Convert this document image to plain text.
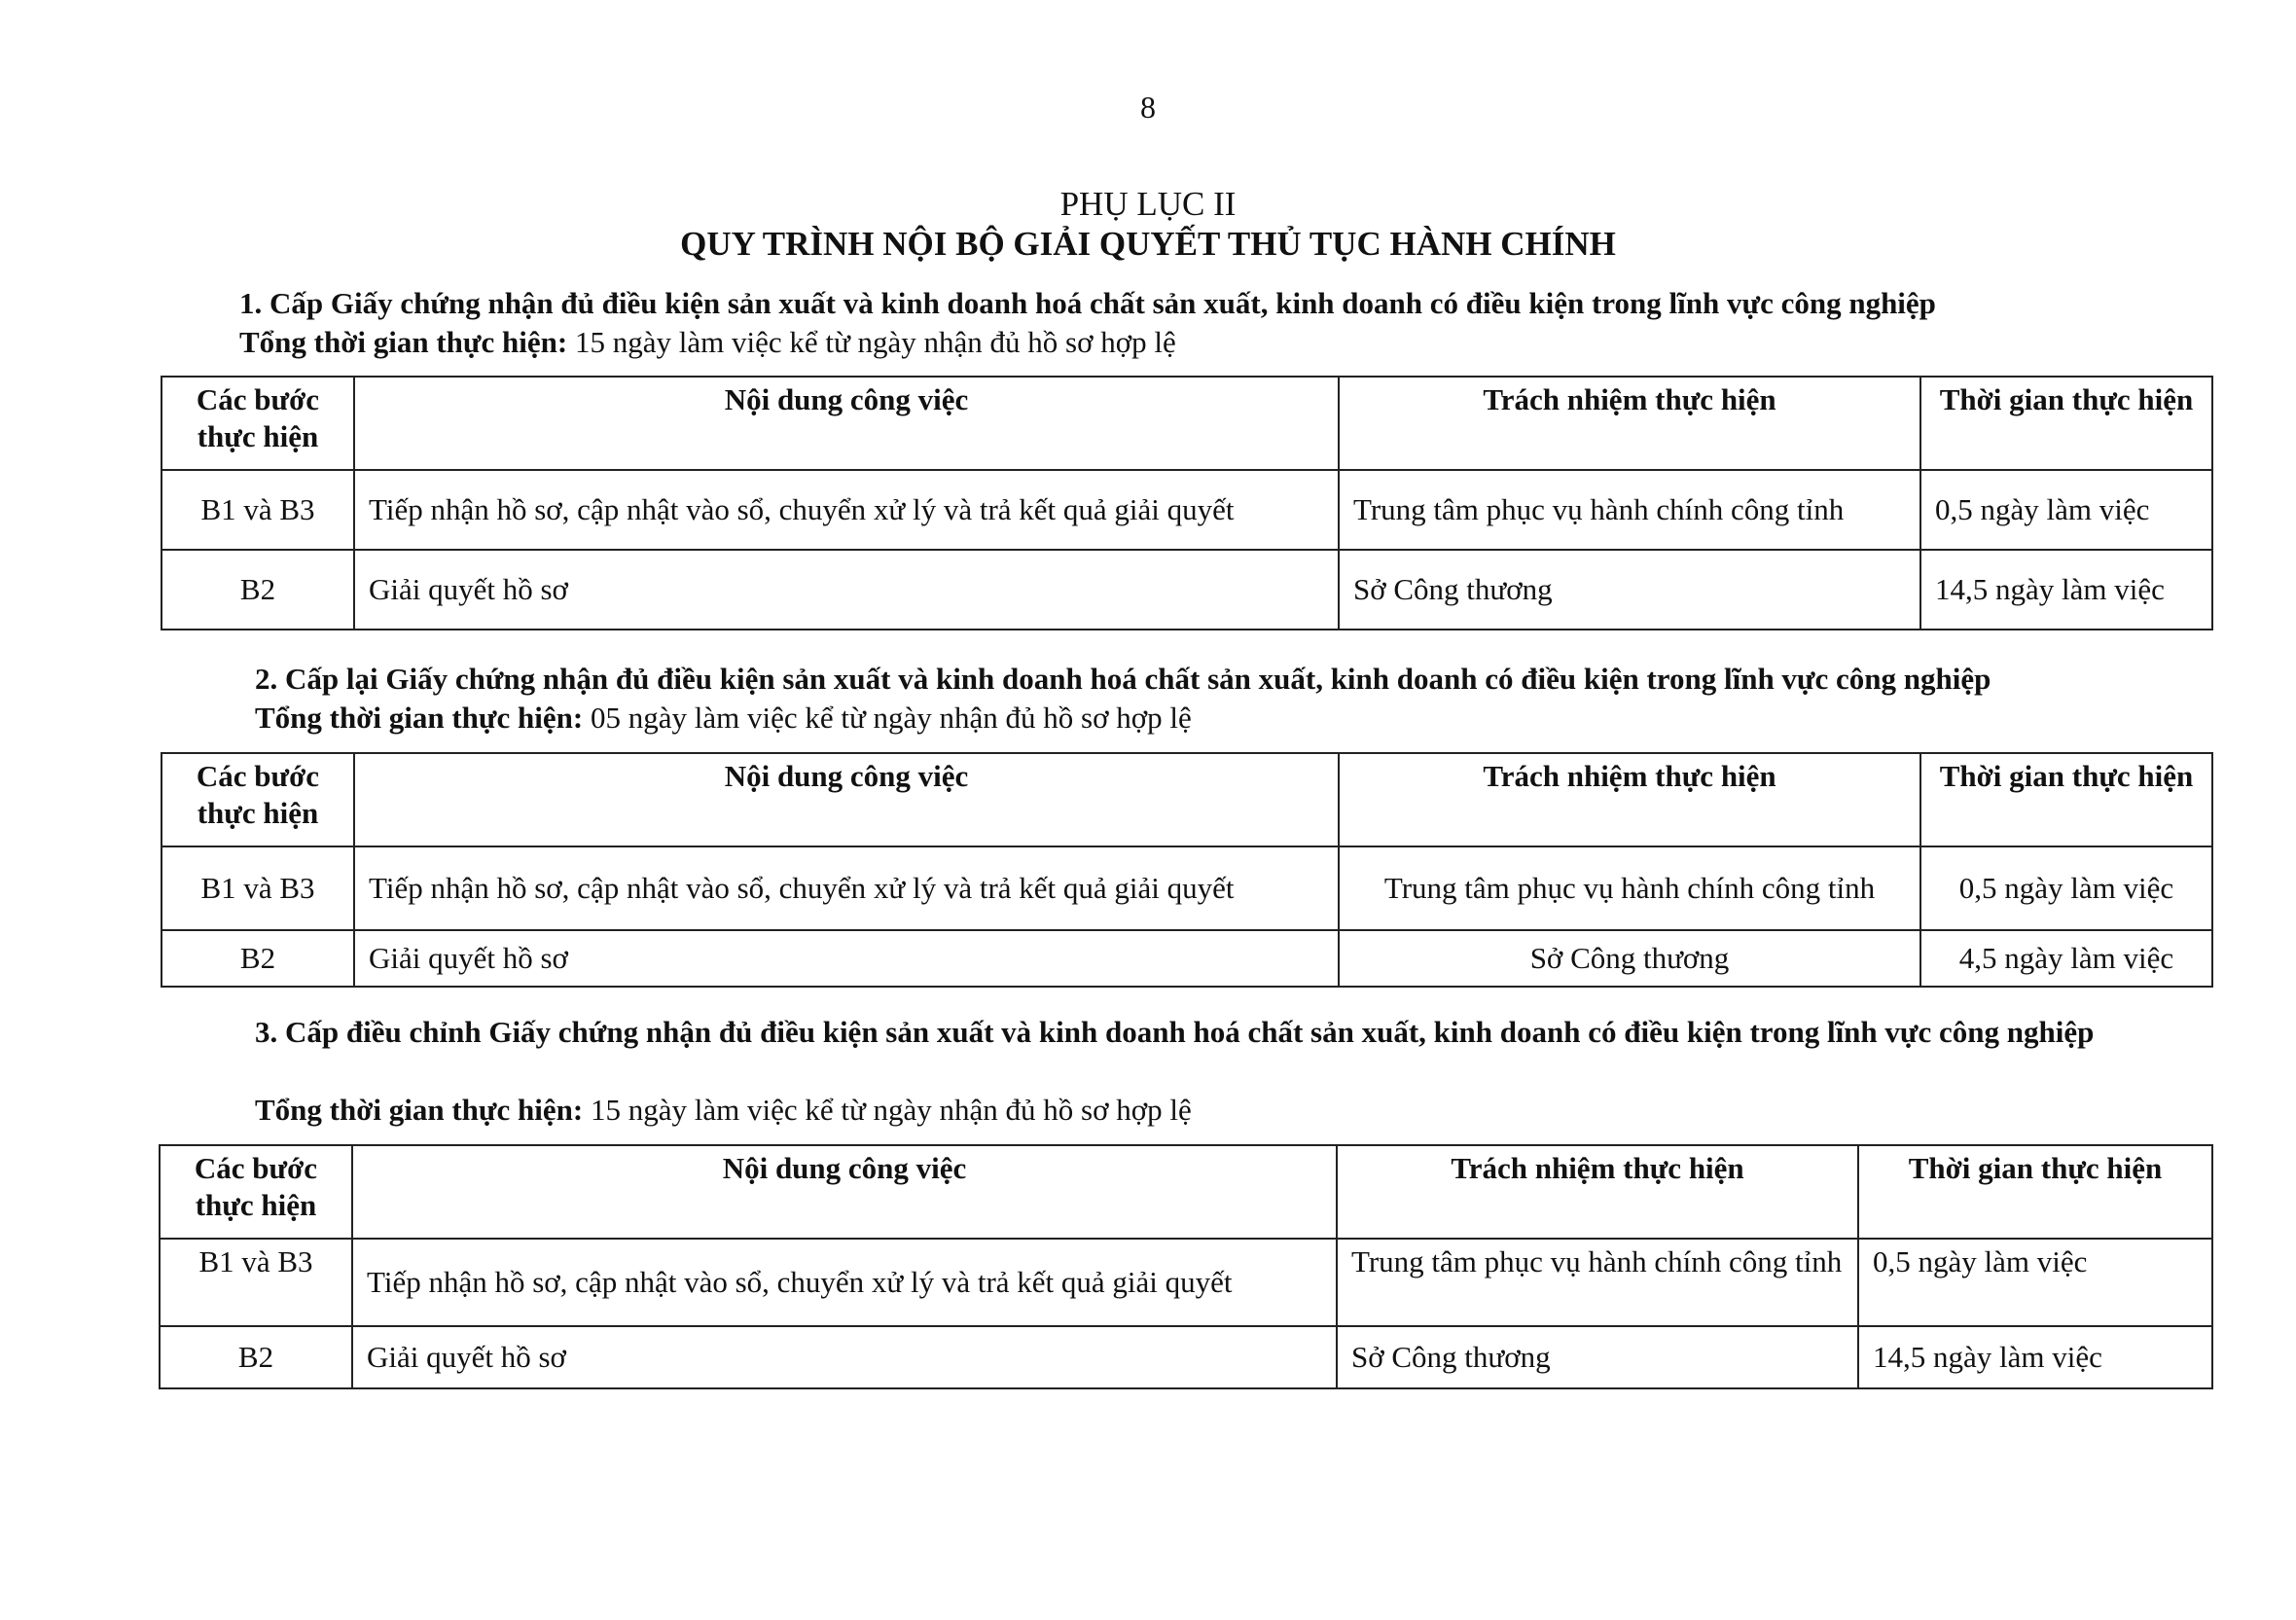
8
PHỤ LỤC II
QUY TRÌNH NỘI BỘ GIẢI QUYẾT THỦ TỤC HÀNH CHÍNH
1. Cấp Giấy chứng nhận đủ điều kiện sản xuất và kinh doanh hoá chất sản xuất, kinh doanh có điều kiện trong lĩnh vực công nghiệp
Tổng thời gian thực hiện: 15 ngày làm việc kể từ ngày nhận đủ hồ sơ hợp lệ
Các bước thực hiện	Nội dung công việc	Trách nhiệm thực hiện	Thời gian thực hiện
B1 và B3	Tiếp nhận hồ sơ, cập nhật vào sổ, chuyển xử lý và trả kết quả giải quyết	Trung tâm phục vụ hành chính công tỉnh	0,5 ngày làm việc
B2	Giải quyết hồ sơ	Sở Công thương	14,5 ngày làm việc
2. Cấp lại Giấy chứng nhận đủ điều kiện sản xuất và kinh doanh hoá chất sản xuất, kinh doanh có điều kiện trong lĩnh vực công nghiệp
Tổng thời gian thực hiện: 05 ngày làm việc kể từ ngày nhận đủ hồ sơ hợp lệ
Các bước thực hiện	Nội dung công việc	Trách nhiệm thực hiện	Thời gian thực hiện
B1 và B3	Tiếp nhận hồ sơ, cập nhật vào sổ, chuyển xử lý và trả kết quả giải quyết	Trung tâm phục vụ hành chính công tỉnh	0,5 ngày làm việc
B2	Giải quyết hồ sơ	Sở Công thương	4,5 ngày làm việc
3. Cấp điều chỉnh Giấy chứng nhận đủ điều kiện sản xuất và kinh doanh hoá chất sản xuất, kinh doanh có điều kiện trong lĩnh vực công nghiệp
Tổng thời gian thực hiện: 15 ngày làm việc kể từ ngày nhận đủ hồ sơ hợp lệ
Các bước thực hiện	Nội dung công việc	Trách nhiệm thực hiện	Thời gian thực hiện
B1 và B3	Tiếp nhận hồ sơ, cập nhật vào sổ, chuyển xử lý và trả kết quả giải quyết	Trung tâm phục vụ hành chính công tỉnh	0,5 ngày làm việc
B2	Giải quyết hồ sơ	Sở Công thương	14,5 ngày làm việc
